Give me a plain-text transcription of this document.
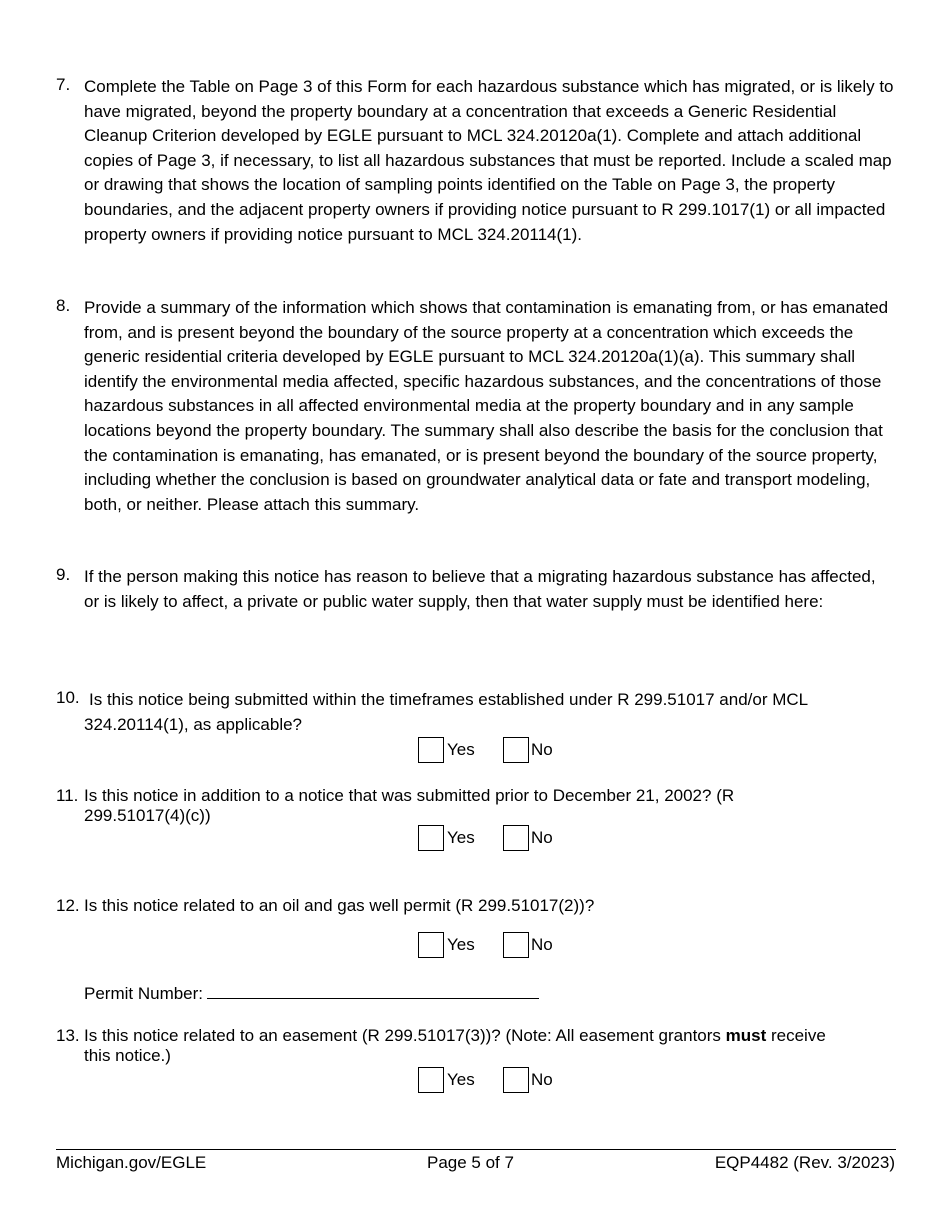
7. Complete the Table on Page 3 of this Form for each hazardous substance which has migrated, or is likely to have migrated, beyond the property boundary at a concentration that exceeds a Generic Residential Cleanup Criterion developed by EGLE pursuant to MCL 324.20120a(1). Complete and attach additional copies of Page 3, if necessary, to list all hazardous substances that must be reported. Include a scaled map or drawing that shows the location of sampling points identified on the Table on Page 3, the property boundaries, and the adjacent property owners if providing notice pursuant to R 299.1017(1) or all impacted property owners if providing notice pursuant to MCL 324.20114(1).
8. Provide a summary of the information which shows that contamination is emanating from, or has emanated from, and is present beyond the boundary of the source property at a concentration which exceeds the generic residential criteria developed by EGLE pursuant to MCL 324.20120a(1)(a). This summary shall identify the environmental media affected, specific hazardous substances, and the concentrations of those hazardous substances in all affected environmental media at the property boundary and in any sample locations beyond the property boundary. The summary shall also describe the basis for the conclusion that the contamination is emanating, has emanated, or is present beyond the boundary of the source property, including whether the conclusion is based on groundwater analytical data or fate and transport modeling, both, or neither. Please attach this summary.
9. If the person making this notice has reason to believe that a migrating hazardous substance has affected, or is likely to affect, a private or public water supply, then that water supply must be identified here:
10. Is this notice being submitted within the timeframes established under R 299.51017 and/or MCL 324.20114(1), as applicable?
Yes	No
11. Is this notice in addition to a notice that was submitted prior to December 21, 2002? (R 299.51017(4)(c))
Yes	No
12. Is this notice related to an oil and gas well permit (R 299.51017(2))?
Yes	No
Permit Number:
13. Is this notice related to an easement (R 299.51017(3))? (Note: All easement grantors must receive this notice.)
Yes	No
Michigan.gov/EGLE	Page 5 of 7	EQP4482 (Rev. 3/2023)
